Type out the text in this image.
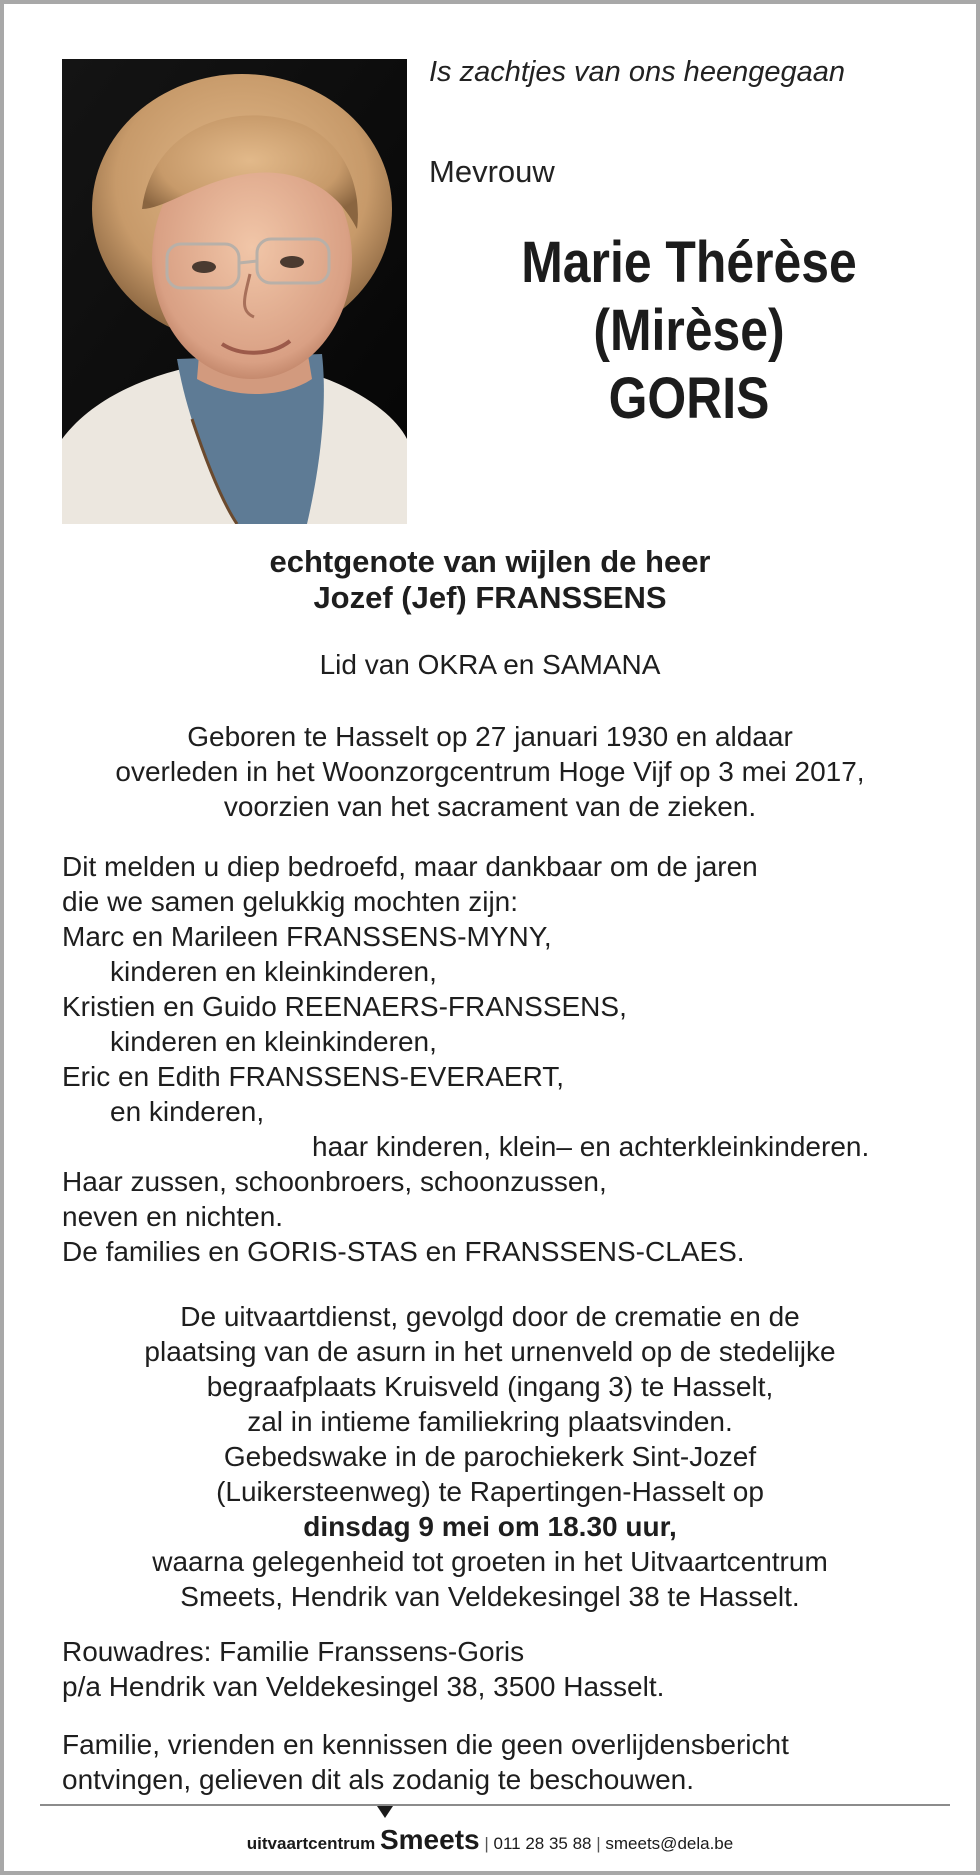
Is zachtjes van ons heengegaan
Mevrouw
Marie Thérèse
(Mirèse)
GORIS
echtgenote van wijlen de heer
Jozef (Jef) FRANSSENS
Lid van OKRA en SAMANA
Geboren te Hasselt op 27 januari 1930 en aldaar
overleden in het Woonzorgcentrum Hoge Vijf op 3 mei 2017,
voorzien van het sacrament van de zieken.
Dit melden u diep bedroefd, maar dankbaar om de jaren
die we samen gelukkig mochten zijn:
Marc en Marileen FRANSSENS-MYNY,
kinderen en kleinkinderen,
Kristien en Guido REENAERS-FRANSSENS,
kinderen en kleinkinderen,
Eric en Edith FRANSSENS-EVERAERT,
en kinderen,
haar kinderen, klein– en achterkleinkinderen.
Haar zussen, schoonbroers, schoonzussen,
neven en nichten.
De families en GORIS-STAS en FRANSSENS-CLAES.
De uitvaartdienst, gevolgd door de crematie en de
plaatsing van de asurn in het urnenveld op de stedelijke
begraafplaats Kruisveld (ingang 3) te Hasselt,
zal in intieme familiekring plaatsvinden.
Gebedswake in de parochiekerk Sint-Jozef
(Luikersteenweg) te Rapertingen-Hasselt op
dinsdag 9 mei om 18.30 uur,
waarna gelegenheid tot groeten in het Uitvaartcentrum
Smeets, Hendrik van Veldekesingel 38 te Hasselt.
Rouwadres: Familie Franssens-Goris
p/a Hendrik van Veldekesingel 38, 3500 Hasselt.
Familie, vrienden en kennissen die geen overlijdensbericht
ontvingen, gelieven dit als zodanig te beschouwen.
uitvaartcentrum Smeets | 011 28 35 88 | smeets@dela.be
